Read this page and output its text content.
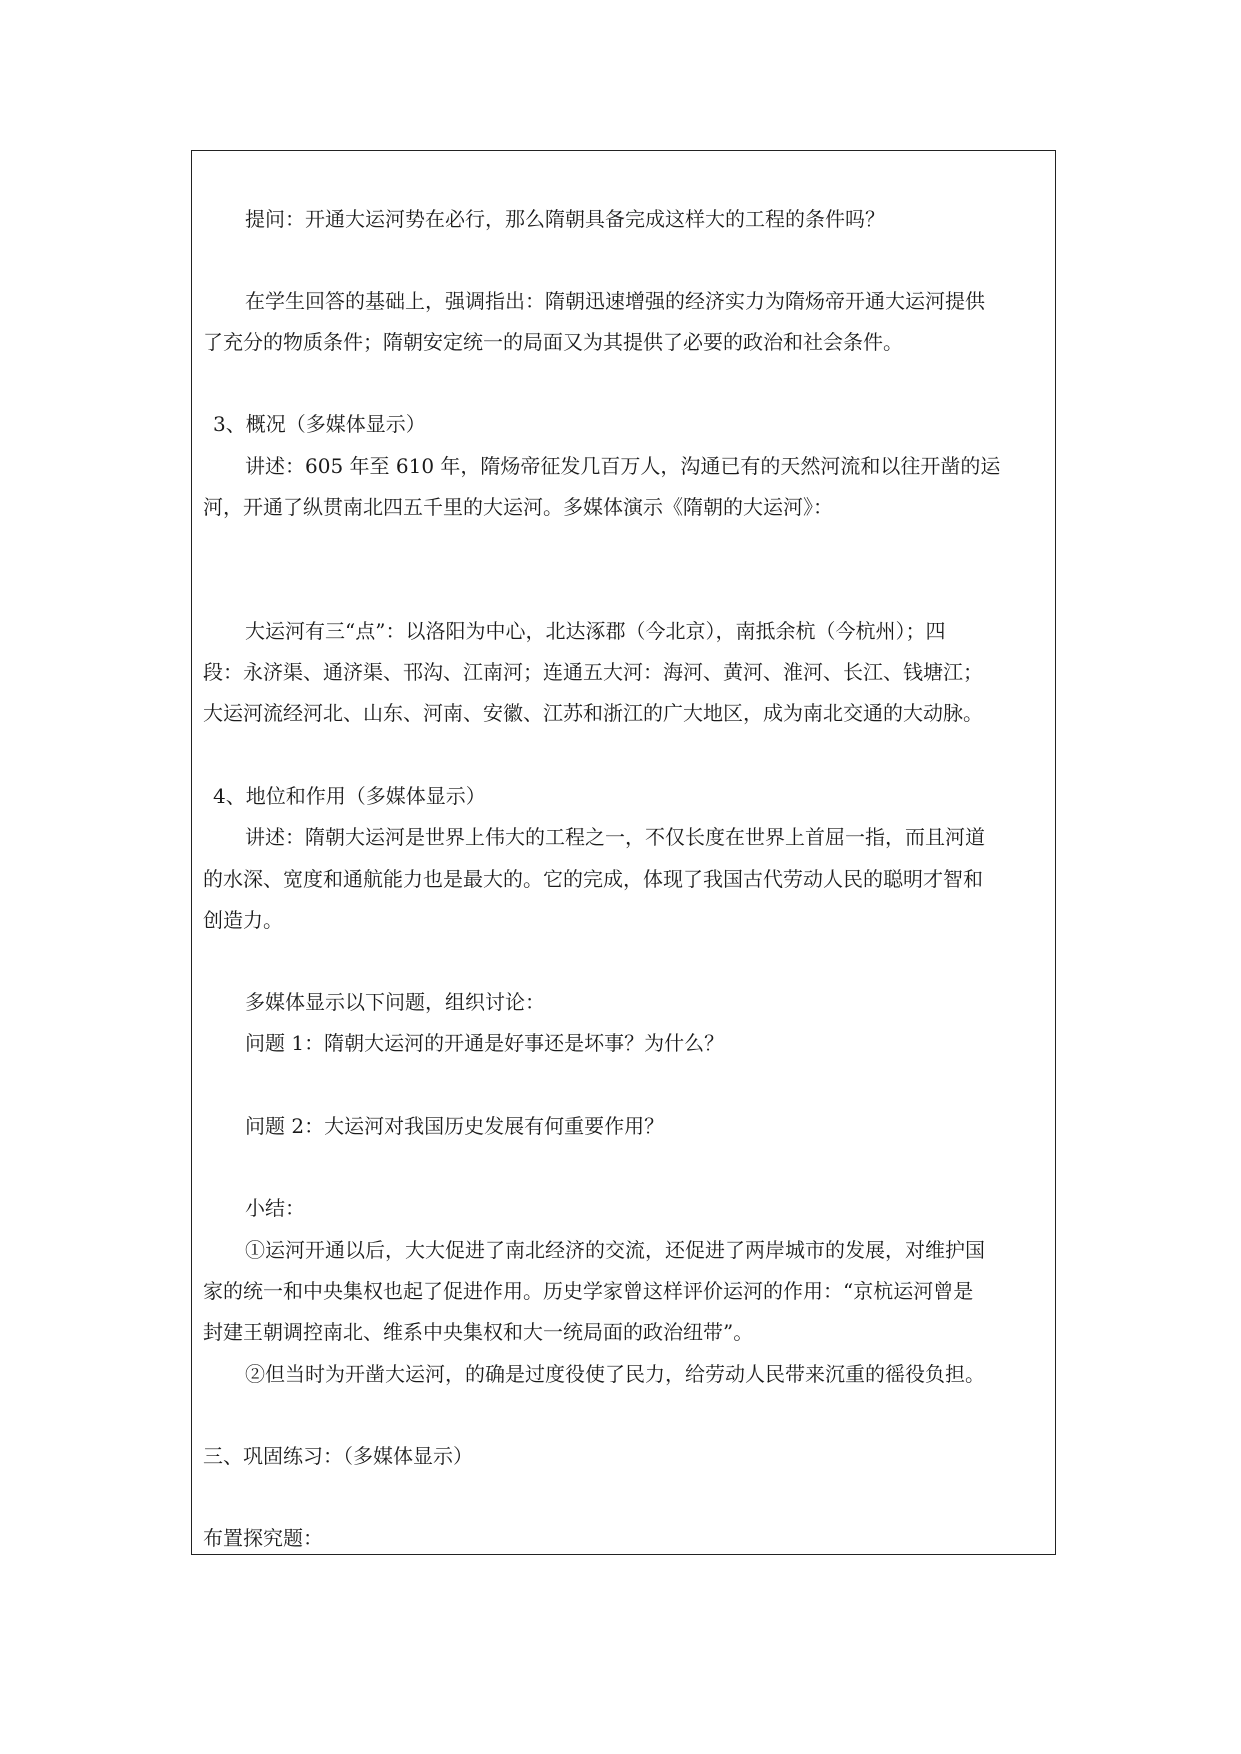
提问：开通大运河势在必行，那么隋朝具备完成这样大的工程的条件吗？
在学生回答的基础上，强调指出：隋朝迅速增强的经济实力为隋炀帝开通大运河提供
了充分的物质条件；隋朝安定统一的局面又为其提供了必要的政治和社会条件。
3、概况（多媒体显示）
讲述：605 年至 610 年，隋炀帝征发几百万人，沟通已有的天然河流和以往开凿的运
河，开通了纵贯南北四五千里的大运河。多媒体演示《隋朝的大运河》：
大运河有三“点”：以洛阳为中心，北达涿郡（今北京），南抵余杭（今杭州）；四
段：永济渠、通济渠、邗沟、江南河；连通五大河：海河、黄河、淮河、长江、钱塘江；
大运河流经河北、山东、河南、安徽、江苏和浙江的广大地区，成为南北交通的大动脉。
4、地位和作用（多媒体显示）
讲述：隋朝大运河是世界上伟大的工程之一，不仅长度在世界上首屈一指，而且河道
的水深、宽度和通航能力也是最大的。它的完成，体现了我国古代劳动人民的聪明才智和
创造力。
多媒体显示以下问题，组织讨论：
问题 1：隋朝大运河的开通是好事还是坏事？为什么？
问题 2：大运河对我国历史发展有何重要作用？
小结：
①运河开通以后，大大促进了南北经济的交流，还促进了两岸城市的发展，对维护国
家的统一和中央集权也起了促进作用。历史学家曾这样评价运河的作用：“京杭运河曾是
封建王朝调控南北、维系中央集权和大一统局面的政治纽带”。
②但当时为开凿大运河，的确是过度役使了民力，给劳动人民带来沉重的徭役负担。
三、巩固练习：（多媒体显示）
布置探究题：
